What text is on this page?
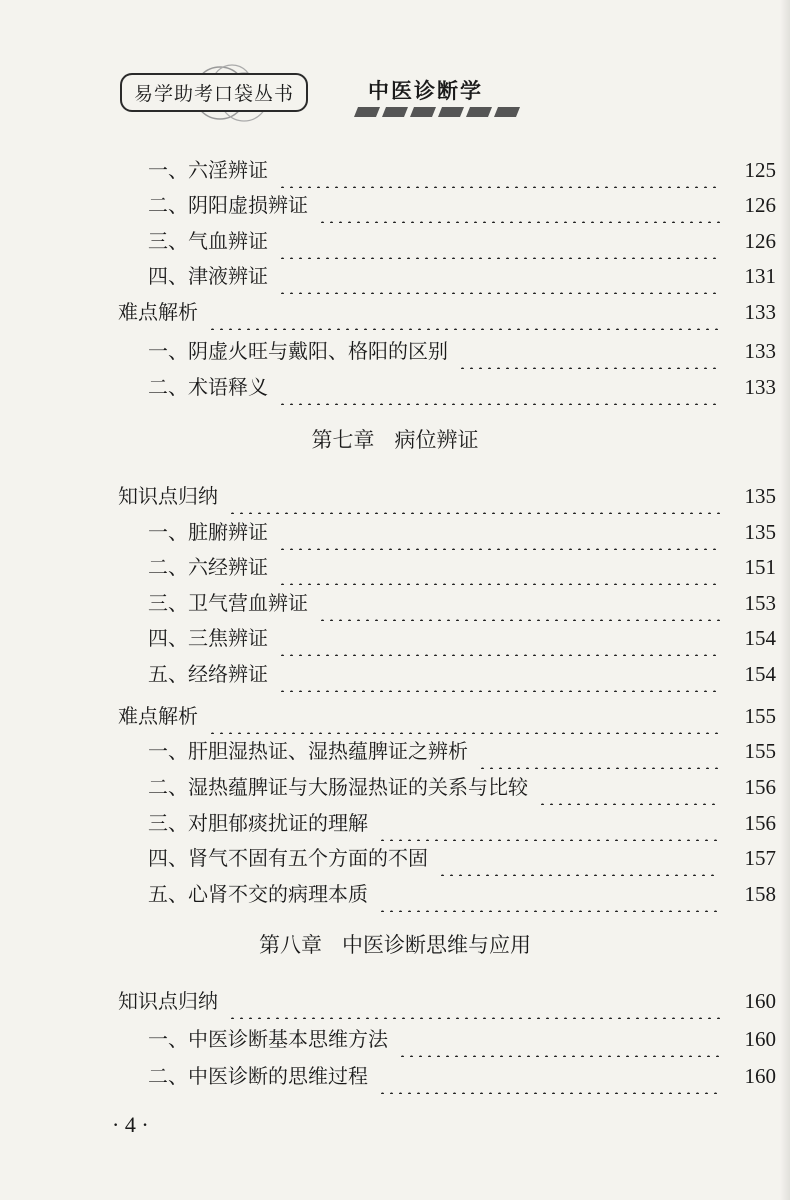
易学助考口袋丛书	中医诊断学
一、六淫辨证	125
二、阴阳虚损辨证	126
三、气血辨证	126
四、津液辨证	131
难点解析	133
一、阴虚火旺与戴阳、格阳的区别	133
二、术语释义	133
第七章 病位辨证
知识点归纳	135
一、脏腑辨证	135
二、六经辨证	151
三、卫气营血辨证	153
四、三焦辨证	154
五、经络辨证	154
难点解析	155
一、肝胆湿热证、湿热蕴脾证之辨析	155
二、湿热蕴脾证与大肠湿热证的关系与比较	156
三、对胆郁痰扰证的理解	156
四、肾气不固有五个方面的不固	157
五、心肾不交的病理本质	158
第八章 中医诊断思维与应用
知识点归纳	160
一、中医诊断基本思维方法	160
二、中医诊断的思维过程	160
· 4 ·
